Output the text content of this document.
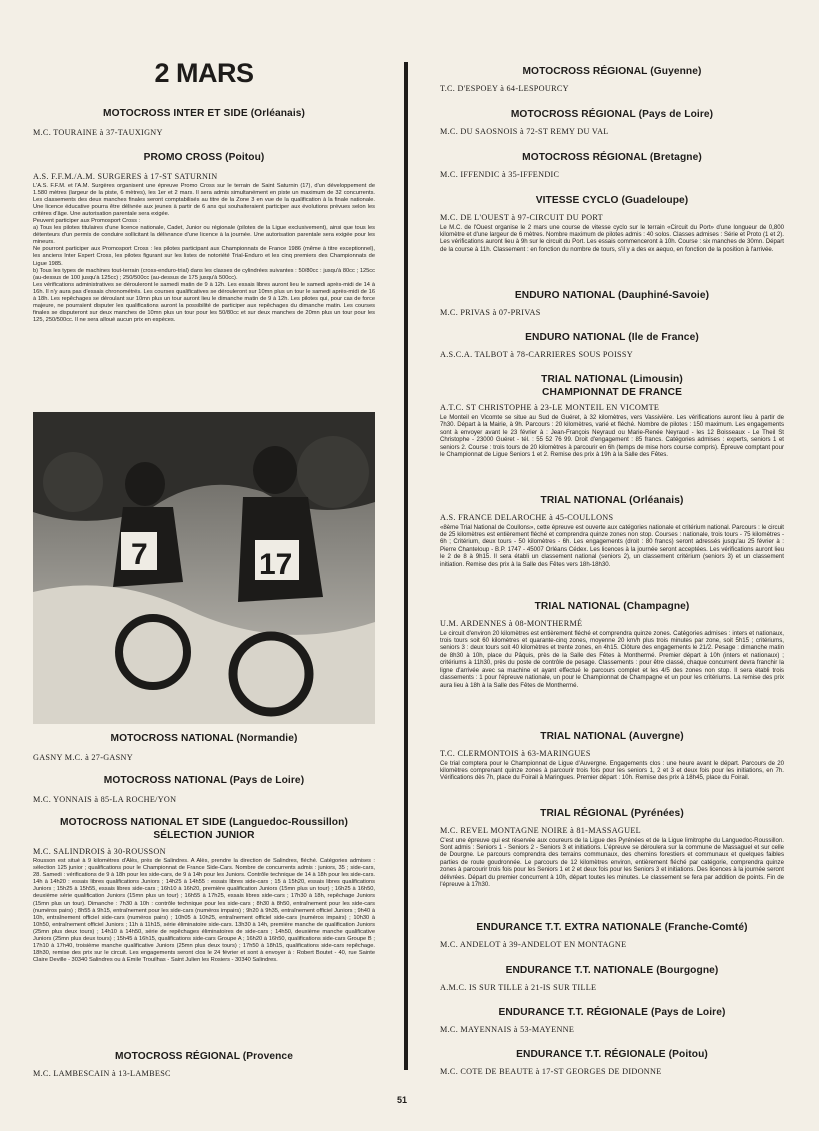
2 MARS
MOTOCROSS INTER ET SIDE (Orléanais)
M.C. TOURAINE à 37-TAUXIGNY
PROMO CROSS (Poitou)
A.S. F.F.M./A.M. SURGERES à 17-ST SATURNIN

L'A.S. F.F.M. et l'A.M. Surgères organisent une épreuve Promo Cross sur le terrain de Saint Saturnin (17), d'un développement de 1.580 mètres (largeur de la piste, 6 mètres), les 1er et 2 mars. Il sera admis simultanément en piste un maximum de 32 concurrents. Les classements des deux manches finales seront comptabilisés au titre de la Zone 3 en vue de la qualification à la finale nationale. Une licence éducative pourra être délivrée aux jeunes à partir de 6 ans qui souhaiteraient participer aux évolutions prévues selon les critères d'âge. Une autorisation parentale sera exigée.
Peuvent participer aux Promosport Cross :
a) Tous les pilotes titulaires d'une licence nationale, Cadet, Junior ou régionale (pilotes de la Ligue exclusivement), ainsi que tous les détenteurs d'un permis de conduire sollicitant la délivrance d'une licence à la journée. Une autorisation parentale sera exigée pour les mineurs.
Ne pourront participer aux Promosport Cross : les pilotes participant aux Championnats de France 1986 (même à titre exceptionnel), les anciens Inter Expert Cross, les pilotes figurant sur les listes de notoriété Trial-Enduro et les cinq premiers des Championnats de Ligue 1985.
b) Tous les types de machines tout-terrain (cross-enduro-trial) dans les classes de cylindrées suivantes : 50/80cc : jusqu'à 80cc ; 125cc (au-dessus de 100 jusqu'à 125cc) ; 250/500cc (au-dessus de 175 jusqu'à 500cc).
Les vérifications administratives se dérouleront le samedi matin de 9 à 12h. Les essais libres auront lieu le samedi après-midi de 14 à 16h. Il n'y aura pas d'essais chronométrés. Les courses qualificatives se dérouleront sur 10mn plus un tour le samedi après-midi de 16 à 18h. Les repêchages se déroulant sur 10mn plus un tour auront lieu le dimanche matin de 9 à 12h. Les pilotes qui, pour cas de force majeure, ne pourraient disputer les qualifications auront la possibilité de participer aux repêchages du dimanche matin. Les courses finales se disputeront sur deux manches de 10mn plus un tour pour les 50/80cc et sur deux manches de 20mn plus un tour pour les 125, 250/500cc. Il ne sera alloué aucun prix en espèces.

7	17
MOTOCROSS NATIONAL (Normandie)
GASNY M.C. à 27-GASNY
MOTOCROSS NATIONAL (Pays de Loire)
M.C. YONNAIS à 85-LA ROCHE/YON
MOTOCROSS NATIONAL ET SIDE (Languedoc-Roussillon)
SÉLECTION JUNIOR
M.C. SALINDROIS à 30-ROUSSON

Rousson est situé à 9 kilomètres d'Alès, près de Salindres. A Alès, prendre la direction de Salindres, fléché. Catégories admises : sélection 125 junior ; qualifications pour le Championnat de France Side-Cars. Nombre de concurrents admis : juniors, 35 ; side-cars, 28. Samedi : vérifications de 9 à 18h pour les side-cars, de 9 à 14h pour les Juniors. Contrôle technique de 14 à 18h pour les side-cars. 14h à 14h20 : essais libres qualifications Juniors ; 14h25 à 14h55 : essais libres side-cars ; 15 à 15h20, essais libres qualifications Juniors ; 15h25 à 15h55, essais libres side-cars ; 16h10 à 16h20, première qualification Juniors (15mn plus un tour) ; 16h25 à 16h50, deuxième série qualification Juniors (15mn plus un tour) ; 16h55 à 17h25, essais libres side-cars ; 17h30 à 18h, repêchage Juniors (15mn plus un tour). Dimanche : 7h30 à 10h : contrôle technique pour les side-cars ; 8h30 à 8h50, entraînement pour les side-cars (numéros pairs) ; 8h55 à 9h15, entraînement pour les side-cars (numéros impairs) ; 9h20 à 9h35, entraînement officiel Juniors ; 9h40 à 10h, entraînement officiel side-cars (numéros pairs) ; 10h05 à 10h25, entraînement officiel side-cars (numéros impairs) ; 10h30 à 10h50, entraînement officiel Juniors ; 11h à 11h15, série éliminatoire side-cars. 13h30 à 14h, première manche de qualification Juniors (25mn plus deux tours) ; 14h10 à 14h50, série de repêchages éliminatoires de side-cars ; 14h50, deuxième manche qualificative Juniors (25mn plus deux tours) ; 15h45 à 16h15, qualifications side-cars Groupe A ; 16h20 à 16h50, qualifications side-cars Groupe B ; 17h10 à 17h40, troisième manche qualificative Juniors (25mn plus deux tours) ; 17h50 à 18h15, qualifications side-cars repêchage. 18h30, remise des prix sur le circuit. Les engagements seront clos le 24 février et sont à envoyer à : Robert Boutet - 40, rue Sainte Claire Deville - 30340 Salindres ou à Emile Trouilhas - Saint Julien les Rosiers - 30340 Salindres.

MOTOCROSS RÉGIONAL (Provence
M.C. LAMBESCAIN à 13-LAMBESC
MOTOCROSS RÉGIONAL (Guyenne)
T.C. D'ESPOEY à 64-LESPOURCY
MOTOCROSS RÉGIONAL (Pays de Loire)
M.C. DU SAOSNOIS à 72-ST REMY DU VAL
MOTOCROSS RÉGIONAL (Bretagne)
M.C. IFFENDIC à 35-IFFENDIC
VITESSE CYCLO (Guadeloupe)
M.C. DE L'OUEST à 97-CIRCUIT DU PORT

Le M.C. de l'Ouest organise le 2 mars une course de vitesse cyclo sur le terrain «Circuit du Port» d'une longueur de 0,800 kilomètre et d'une largeur de 6 mètres. Nombre maximum de pilotes admis : 40 solos. Classes admises : Série et Proto (1 et 2). Les vérifications auront lieu à 9h sur le circuit du Port. Les essais commenceront à 10h. Course : six manches de 30mn. Départ de la course à 11h. Classement : en fonction du nombre de tours, s'il y a des ex aequo, en fonction de la position à l'arrivée.

ENDURO NATIONAL (Dauphiné-Savoie)
M.C. PRIVAS à 07-PRIVAS
ENDURO NATIONAL (Ile de France)
A.S.C.A. TALBOT à 78-CARRIERES SOUS POISSY
TRIAL NATIONAL (Limousin)
CHAMPIONNAT DE FRANCE
A.T.C. ST CHRISTOPHE à 23-LE MONTEIL EN VICOMTE

Le Monteil en Vicomte se situe au Sud de Guéret, à 32 kilomètres, vers Vassivière. Les vérifications auront lieu à partir de 7h30. Départ à la Mairie, à 9h. Parcours : 20 kilomètres, varié et fléché. Nombre de pilotes : 150 maximum. Les engagements sont à envoyer avant le 23 février à : Jean-François Neyraud ou Marie-Renée Neyraud - les 12 Boisseaux - Le Theil St Christophe - 23000 Guéret - tél. : 55 52 76 99. Droit d'engagement : 85 francs. Catégories admises : experts, seniors 1 et seniors 2. Course : trois tours de 20 kilomètres à parcourir en 6h (temps de mise hors course compris). Épreuve comptant pour le Championnat de Ligue Seniors 1 et 2. Remise des prix à 19h à la Salle des Fêtes.

TRIAL NATIONAL (Orléanais)
A.S. FRANCE DELAROCHE à 45-COULLONS

«8ème Trial National de Coullons», cette épreuve est ouverte aux catégories nationale et critérium national. Parcours : le circuit de 25 kilomètres est entièrement fléché et comprendra quinze zones non stop. Courses : nationale, trois tours - 75 kilomètres - 6h ; Critérium, deux tours - 50 kilomètres - 6h. Les engagements (droit : 80 francs) seront adressés jusqu'au 25 février à : Pierre Chanteloup - B.P. 1747 - 45007 Orléans Cédex. Les licences à la journée seront acceptées. Les vérifications auront lieu le 2 de 8 à 9h15. Il sera établi un classement national (seniors 2), un classement critérium (seniors 3) et un classement initiation. Remise des prix à la Salle des Fêtes vers 18h-18h30.

TRIAL NATIONAL (Champagne)
U.M. ARDENNES à 08-MONTHERMÉ

Le circuit d'environ 20 kilomètres est entièrement fléché et comprendra quinze zones. Catégories admises : inters et nationaux, trois tours soit 60 kilomètres et quarante-cinq zones, moyenne 20 km/h plus trois minutes par zone, soit 5h15 ; critériums, seniors 3 : deux tours soit 40 kilomètres et trente zones, en 4h15. Clôture des engagements le 21/2. Pesage : dimanche matin de 8h30 à 10h, place du Pâquis, près de la Salle des Fêtes à Monthermé. Premier départ à 10h (inters et nationaux) ; critériums à 11h30, près du poste de contrôle de pesage. Classements : pour être classé, chaque concurrent devra franchir la ligne d'arrivée avec sa machine et ayant effectué le parcours complet et les 4/5 des zones non stop. Il sera établi trois classements : 1 pour l'épreuve nationale, un pour le Championnat de Champagne et un pour les critériums. La remise des prix aura lieu à 18h à la Salle des Fêtes de Monthermé.

TRIAL NATIONAL (Auvergne)
T.C. CLERMONTOIS à 63-MARINGUES

Ce trial comptera pour le Championnat de Ligue d'Auvergne. Engagements clos : une heure avant le départ. Parcours de 20 kilomètres comprenant quinze zones à parcourir trois fois pour les seniors 1, 2 et 3 et deux fois pour les initiations, en 7h. Vérifications dès 7h, place du Foirail à Maringues. Premier départ : 10h. Remise des prix à 18h45, place du Foirail.

TRIAL RÉGIONAL (Pyrénées)
M.C. REVEL MONTAGNE NOIRE à 81-MASSAGUEL

C'est une épreuve qui est réservée aux coureurs de la Ligue des Pyrénées et de la Ligue limitrophe du Languedoc-Roussillon. Sont admis : Seniors 1 - Seniors 2 - Seniors 3 et initiations. L'épreuve se déroulera sur la commune de Massaguel et sur celle de Dourgne. Le parcours comprendra des terrains communaux, des chemins forestiers et communaux et quelques faibles parties de route goudronnée. Le parcours de 12 kilomètres environ, entièrement fléché par catégorie, comprendra quinze zones à parcourir trois fois pour les Seniors 1 et 2 et deux fois pour les Seniors 3 et initiations. Des licences à la journée seront délivrées. Départ du premier concurrent à 10h, départ toutes les minutes. Le classement se fera par addition de points. Fin de l'épreuve à 17h30.

ENDURANCE T.T. EXTRA NATIONALE (Franche-Comté)
M.C. ANDELOT à 39-ANDELOT EN MONTAGNE
ENDURANCE T.T. NATIONALE (Bourgogne)
A.M.C. IS SUR TILLE à 21-IS SUR TILLE
ENDURANCE T.T. RÉGIONALE (Pays de Loire)
M.C. MAYENNAIS à 53-MAYENNE
ENDURANCE T.T. RÉGIONALE (Poitou)
M.C. COTE DE BEAUTE à 17-ST GEORGES DE DIDONNE
51
